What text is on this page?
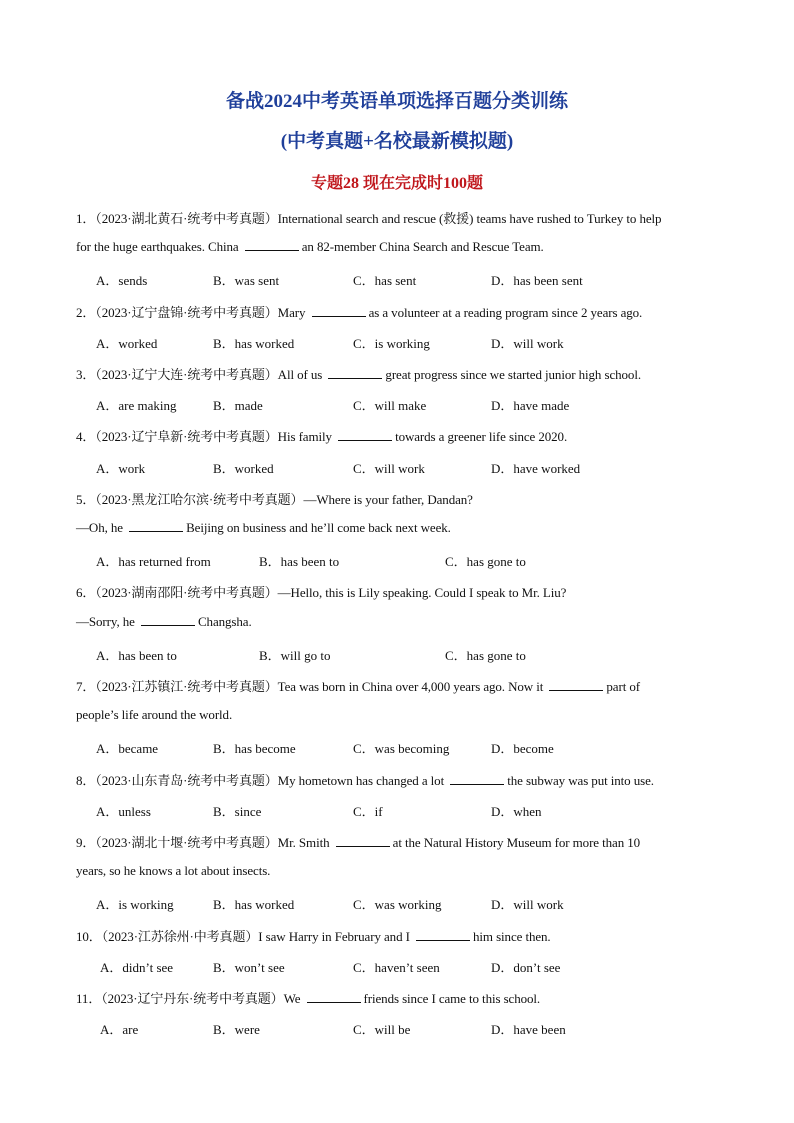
备战2024中考英语单项选择百题分类训练
(中考真题+名校最新模拟题)
专题28 现在完成时100题
1．（2023·湖北黄石·统考中考真题）International search and rescue (救援) teams have rushed to Turkey to help
for the huge earthquakes. China	an 82-member China Search and Rescue Team.
A．sends	B．was sent	C．has sent	D．has been sent
2．（2023·辽宁盘锦·统考中考真题）Mary	as a volunteer at a reading program since 2 years ago.
A．worked	B．has worked	C．is working	D．will work
3．（2023·辽宁大连·统考中考真题）All of us	great progress since we started junior high school.
A．are making	B．made	C．will make	D．have made
4．（2023·辽宁阜新·统考中考真题）His family	towards a greener life since 2020.
A．work	B．worked	C．will work	D．have worked
5．（2023·黑龙江哈尔滨·统考中考真题）—Where is your father, Dandan?
—Oh, he	Beijing on business and he’ll come back next week.
A．has returned from	B．has been to	C．has gone to
6．（2023·湖南邵阳·统考中考真题）—Hello, this is Lily speaking. Could I speak to Mr. Liu?
—Sorry, he	Changsha.
A．has been to	B．will go to	C．has gone to
7．（2023·江苏镇江·统考中考真题）Tea was born in China over 4,000 years ago. Now it	part of
people’s life around the world.
A．became	B．has become	C．was becoming	D．become
8．（2023·山东青岛·统考中考真题）My hometown has changed a lot	the subway was put into use.
A．unless	B．since	C．if	D．when
9．（2023·湖北十堰·统考中考真题）Mr. Smith	at the Natural History Museum for more than 10
years, so he knows a lot about insects.
A．is working	B．has worked	C．was working	D．will work
10．（2023·江苏徐州·中考真题）I saw Harry in February and I	him since then.
A．didn’t see	B．won’t see	C．haven’t seen	D．don’t see
11．（2023·辽宁丹东·统考中考真题）We	friends since I came to this school.
A．are	B．were	C．will be	D．have been
